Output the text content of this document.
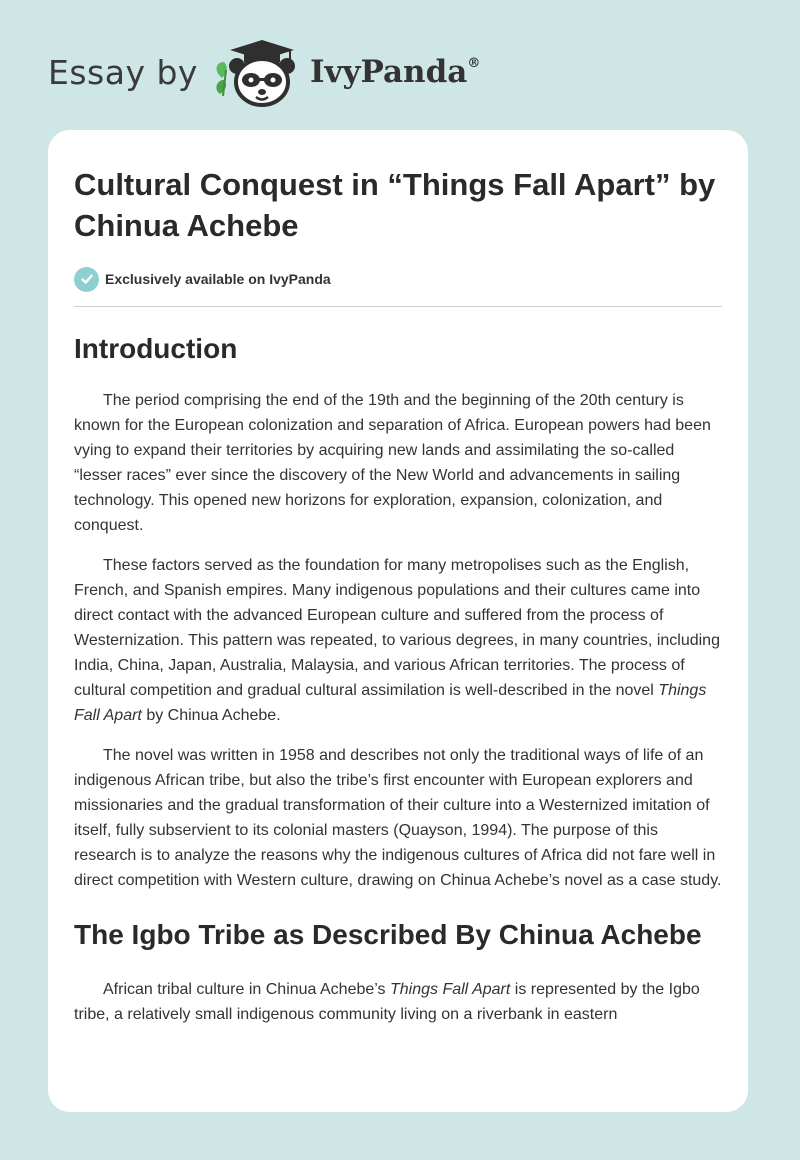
Essay by	IvyPanda®
Cultural Conquest in “Things Fall Apart” by Chinua Achebe
Exclusively available on IvyPanda
Introduction

The period comprising the end of the 19th and the beginning of the 20th century is known for the European colonization and separation of Africa. European powers had been vying to expand their territories by acquiring new lands and assimilating the so-called “lesser races” ever since the discovery of the New World and advancements in sailing technology. This opened new horizons for exploration, expansion, colonization, and conquest.

These factors served as the foundation for many metropolises such as the English, French, and Spanish empires. Many indigenous populations and their cultures came into direct contact with the advanced European culture and suffered from the process of Westernization. This pattern was repeated, to various degrees, in many countries, including India, China, Japan, Australia, Malaysia, and various African territories. The process of cultural competition and gradual cultural assimilation is well-described in the novel Things Fall Apart by Chinua Achebe.

The novel was written in 1958 and describes not only the traditional ways of life of an indigenous African tribe, but also the tribe’s first encounter with European explorers and missionaries and the gradual transformation of their culture into a Westernized imitation of itself, fully subservient to its colonial masters (Quayson, 1994). The purpose of this research is to analyze the reasons why the indigenous cultures of Africa did not fare well in direct competition with Western culture, drawing on Chinua Achebe’s novel as a case study.

The Igbo Tribe as Described By Chinua Achebe

African tribal culture in Chinua Achebe’s Things Fall Apart is represented by the Igbo tribe, a relatively small indigenous community living on a riverbank in eastern
